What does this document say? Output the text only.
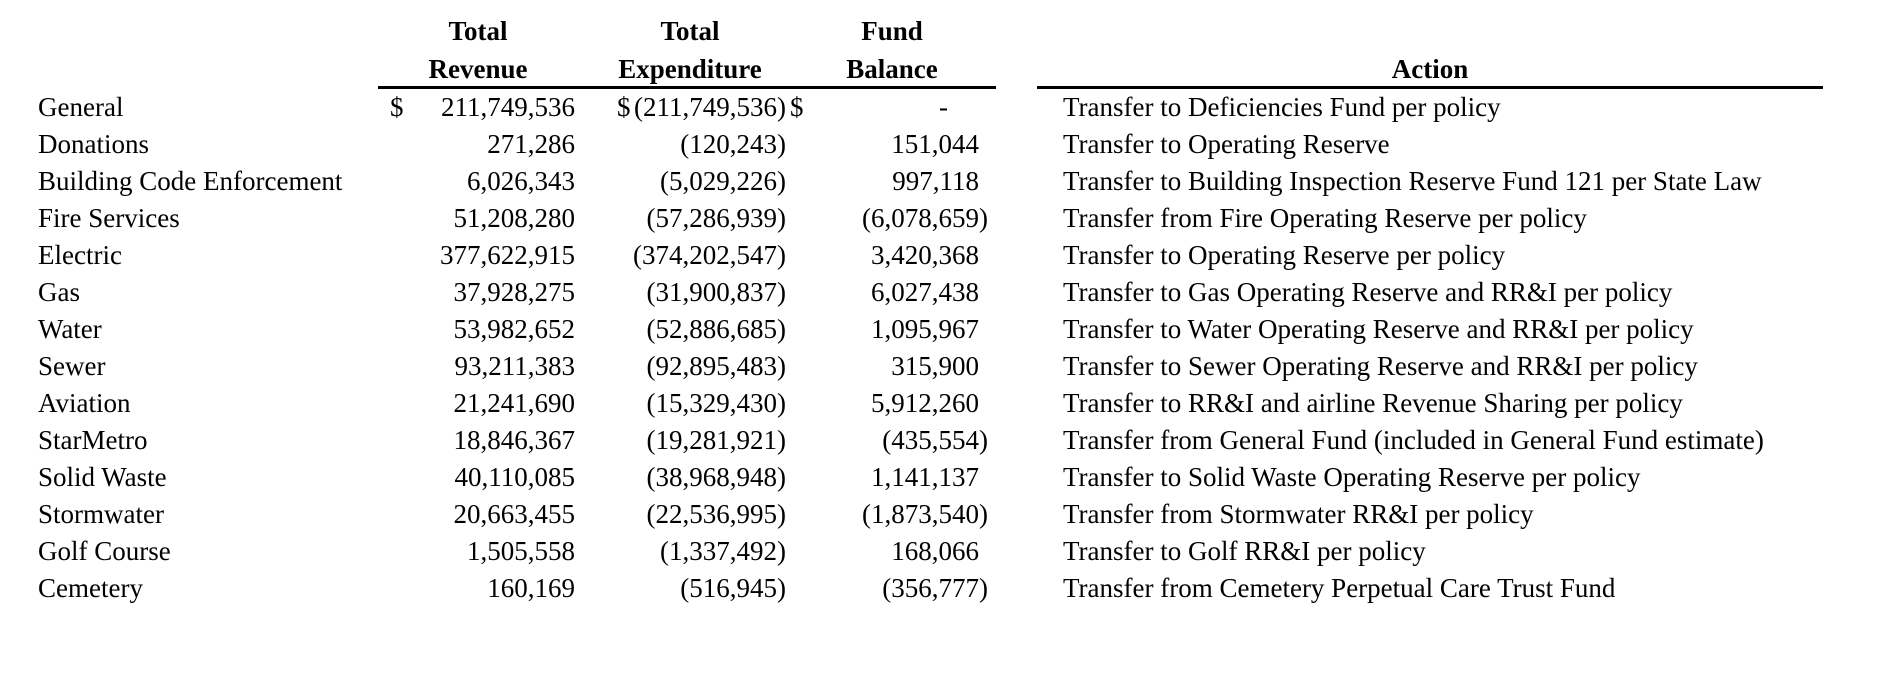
	Total		Total	Fund		
	Revenue		Expenditure	Balance		Action
General	$ 211,749,536		$ (211,749,536)	$ -		Transfer to Deficiencies Fund per policy
Donations	271,286		(120,243)	151,044		Transfer to Operating Reserve
Building Code Enforcement	6,026,343		(5,029,226)	997,118		Transfer to Building Inspection Reserve Fund 121 per State Law
Fire Services	51,208,280		(57,286,939)	(6,078,659)		Transfer from Fire Operating Reserve per policy
Electric	377,622,915		(374,202,547)	3,420,368		Transfer to Operating Reserve per policy
Gas	37,928,275		(31,900,837)	6,027,438		Transfer to Gas Operating Reserve and RR&I per policy
Water	53,982,652		(52,886,685)	1,095,967		Transfer to Water Operating Reserve and RR&I per policy
Sewer	93,211,383		(92,895,483)	315,900		Transfer to Sewer Operating Reserve and RR&I per policy
Aviation	21,241,690		(15,329,430)	5,912,260		Transfer to RR&I and airline Revenue Sharing per policy
StarMetro	18,846,367		(19,281,921)	(435,554)		Transfer from General Fund (included in General Fund estimate)
Solid Waste	40,110,085		(38,968,948)	1,141,137		Transfer to Solid Waste Operating Reserve per policy
Stormwater	20,663,455		(22,536,995)	(1,873,540)		Transfer from Stormwater RR&I per policy
Golf Course	1,505,558		(1,337,492)	168,066		Transfer to Golf RR&I per policy
Cemetery	160,169		(516,945)	(356,777)		Transfer from Cemetery Perpetual Care Trust Fund
